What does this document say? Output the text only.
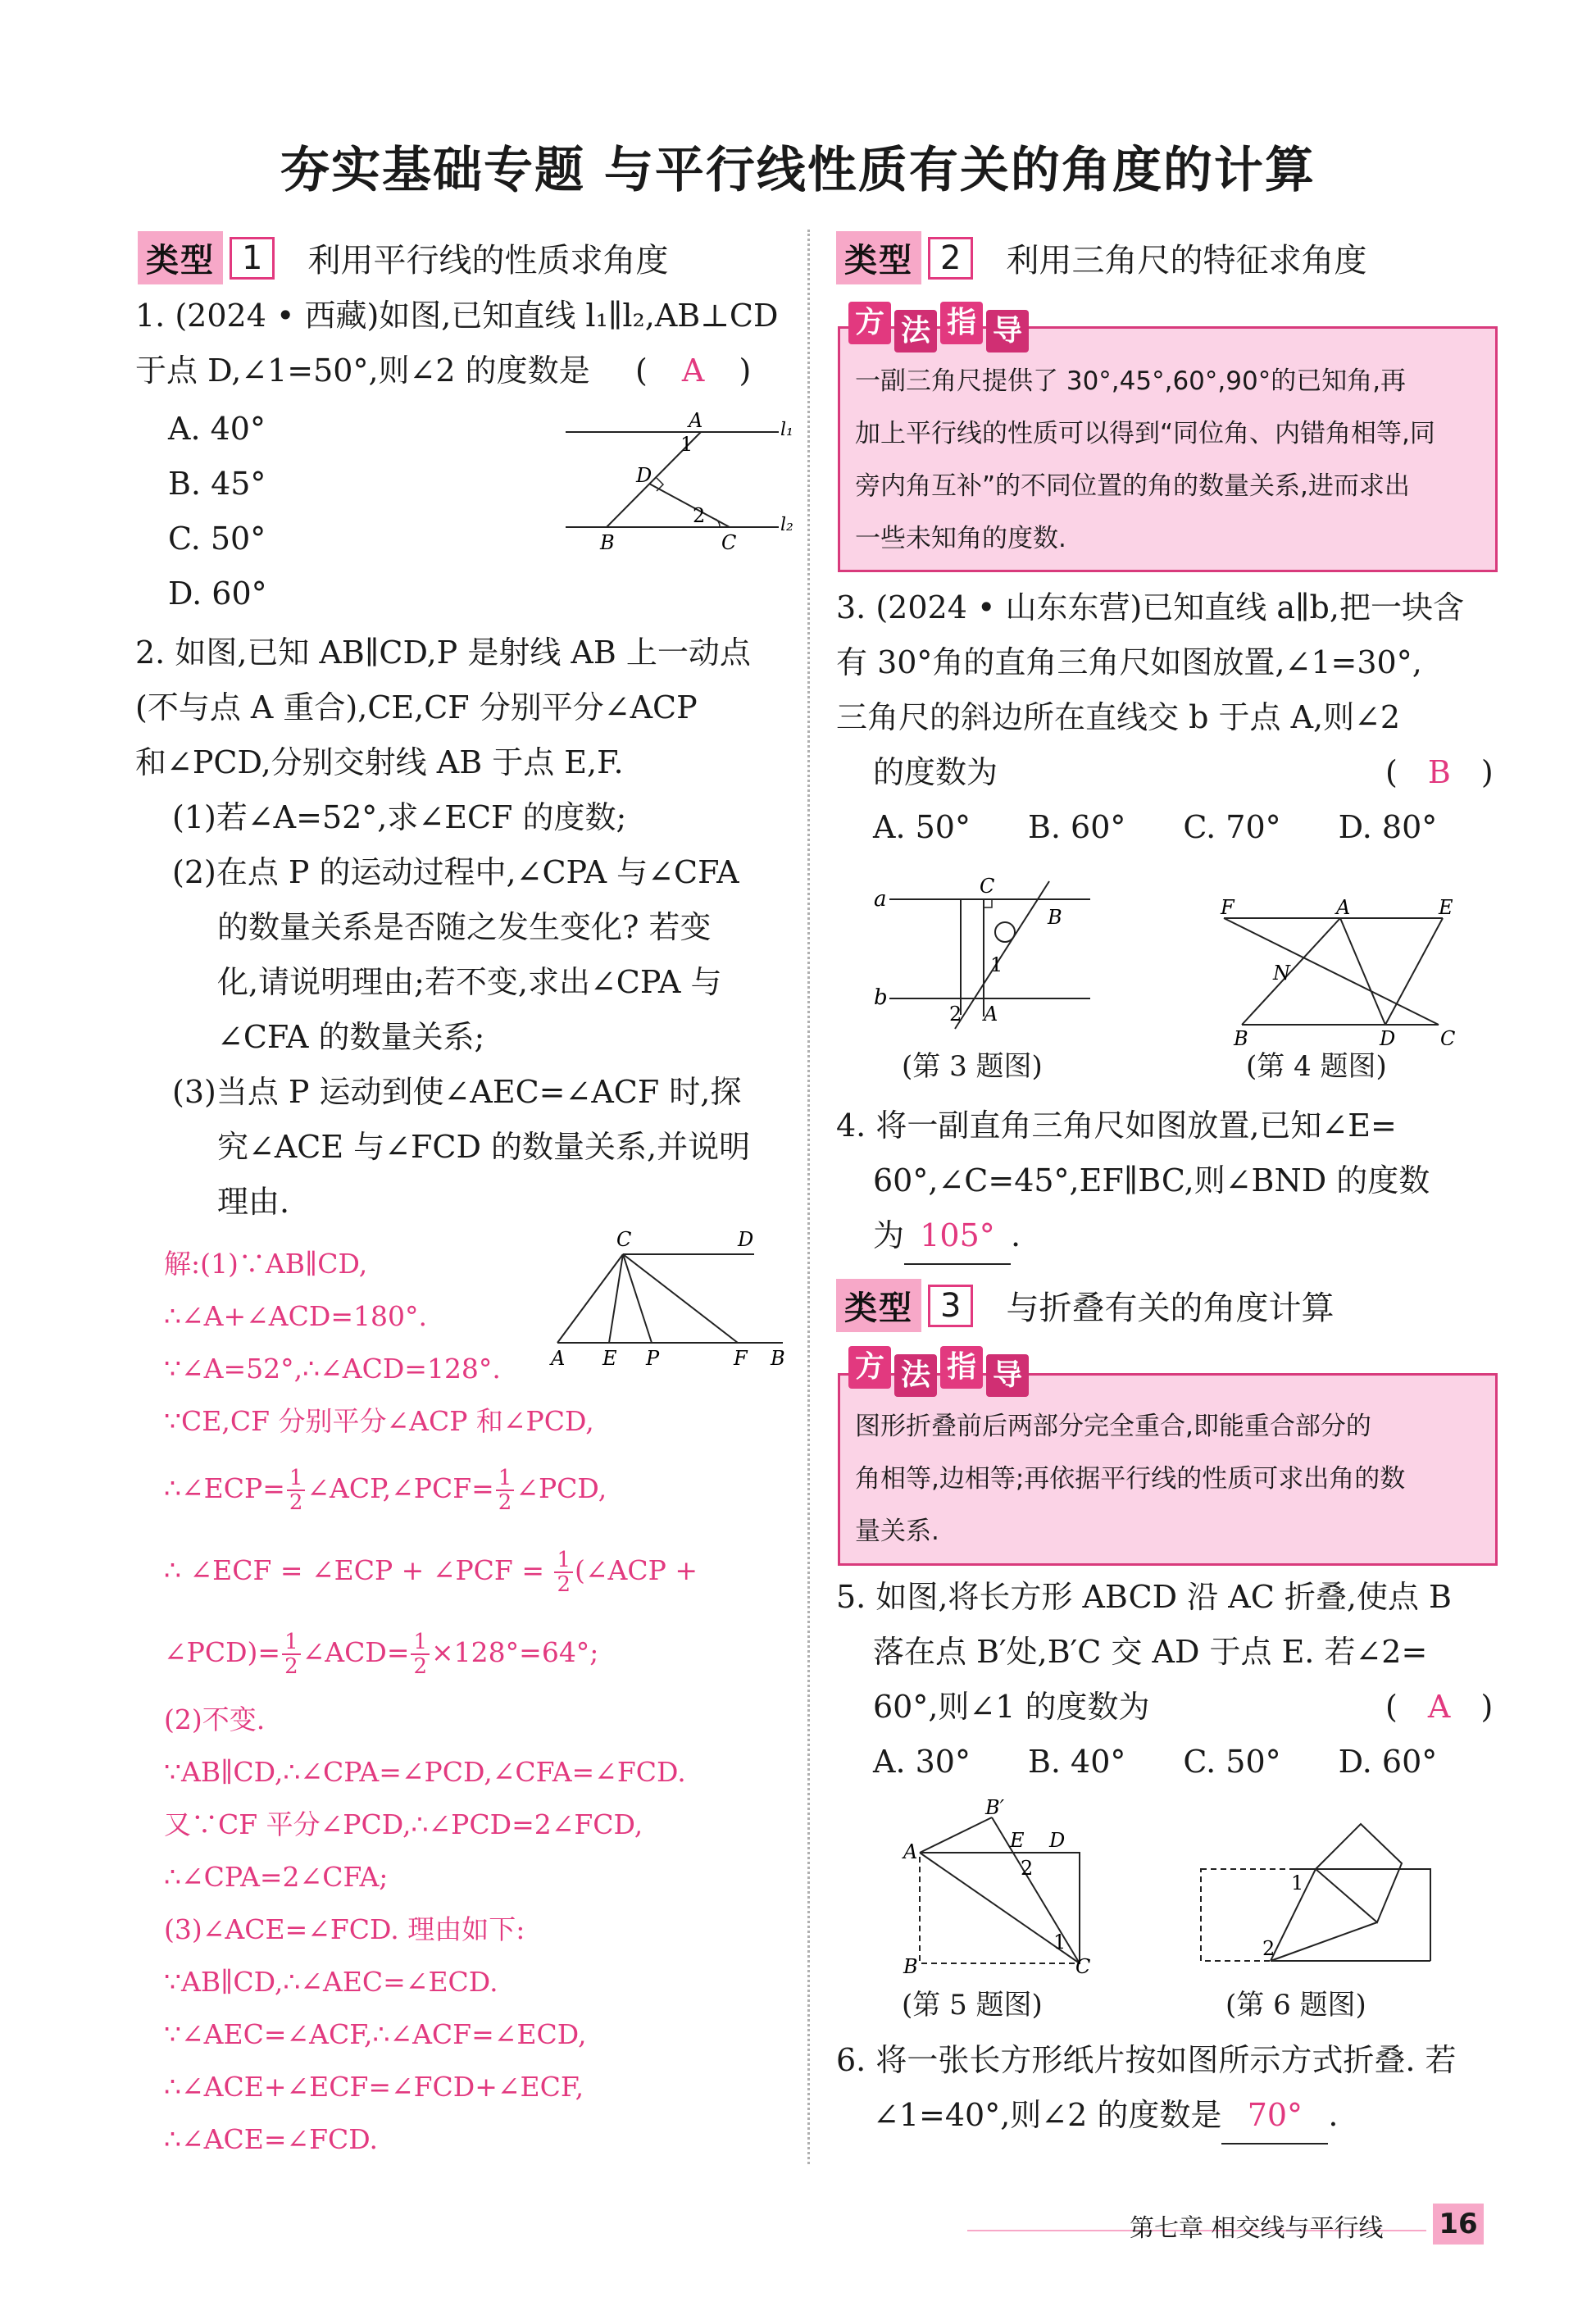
夯实基础专题 与平行线性质有关的角度的计算
类型 1	利用平行线的性质求角度
1. (2024 • 西藏)如图,已知直线 l₁∥l₂,AB⊥CD
于点 D,∠1=50°,则∠2 的度数是 ( A )
A. 40°
B. 45°
C. 50°
D. 60°
A
1
D
2
B	C
l₁
l₂
2. 如图,已知 AB∥CD,P 是射线 AB 上一动点
(不与点 A 重合),CE,CF 分别平分∠ACP
和∠PCD,分别交射线 AB 于点 E,F.
(1)若∠A=52°,求∠ECF 的度数;
(2)在点 P 的运动过程中,∠CPA 与∠CFA
的数量关系是否随之发生变化? 若变
化,请说明理由;若不变,求出∠CPA 与
∠CFA 的数量关系;
(3)当点 P 运动到使∠AEC=∠ACF 时,探
究∠ACE 与∠FCD 的数量关系,并说明
理由.
C	D
A E P	F B
解:(1)∵AB∥CD,
∴∠A+∠ACD=180°.
∵∠A=52°,∴∠ACD=128°.
∵CE,CF 分别平分∠ACP 和∠PCD,
∴∠ECP= $\frac{1}{2}\angle ACP,\angle PCF=$ $\frac{1}{2}\angle PCD$,
∴ ∠ECF = ∠ECP + ∠PCF = $\frac{1}{2}(\angle ACP$ +
∠PCD)= $\frac{1}{2}\angle ACD= \frac{1}{2}\times 128^\circ=64^\circ$;
(2)不变.
∵AB∥CD,∴∠CPA=∠PCD,∠CFA=∠FCD.
又∵CF 平分∠PCD,∴∠PCD=2∠FCD,
∴∠CPA=2∠CFA;
(3)∠ACE=∠FCD. 理由如下:
∵AB∥CD,∴∠AEC=∠ECD.
∵∠AEC=∠ACF,∴∠ACF=∠ECD,
∴∠ACE+∠ECF=∠FCD+∠ECF,
∴∠ACE=∠FCD.
类型 2	利用三角尺的特征求角度
方 法 指 导
一副三角尺提供了 30°,45°,60°,90°的已知角,再
加上平行线的性质可以得到“同位角、内错角相等,同
旁内角互补”的不同位置的角的数量关系,进而求出
一些未知角的度数.
3. (2024 • 山东东营)已知直线 a∥b,把一块含
有 30°角的直角三角尺如图放置,∠1=30°,
三角尺的斜边所在直线交 b 于点 A,则∠2
的度数为	( B )
A. 50° B. 60° C. 70° D. 80°
a
b
C
B
1
2 A
(第 3 题图)
F	A	E
N
B	D C
(第 4 题图)
4. 将一副直角三角尺如图放置,已知∠E=
60°,∠C=45°,EF∥BC,则∠BND 的度数
为 105° .
类型 3	与折叠有关的角度计算
方 法 指 导
图形折叠前后两部分完全重合,即能重合部分的
角相等,边相等;再依据平行线的性质可求出角的数
量关系.
5. 如图,将长方形 ABCD 沿 AC 折叠,使点 B
落在点 B′处,B′C 交 AD 于点 E. 若∠2=
60°,则∠1 的度数为	( A )
A. 30° B. 40° C. 50° D. 60°
A
B′
E D
2
1
B	C
(第 5 题图)
1
2
(第 6 题图)
6. 将一张长方形纸片按如图所示方式折叠. 若
∠1=40°,则∠2 的度数是 70° .
第七章 相交线与平行线 16
